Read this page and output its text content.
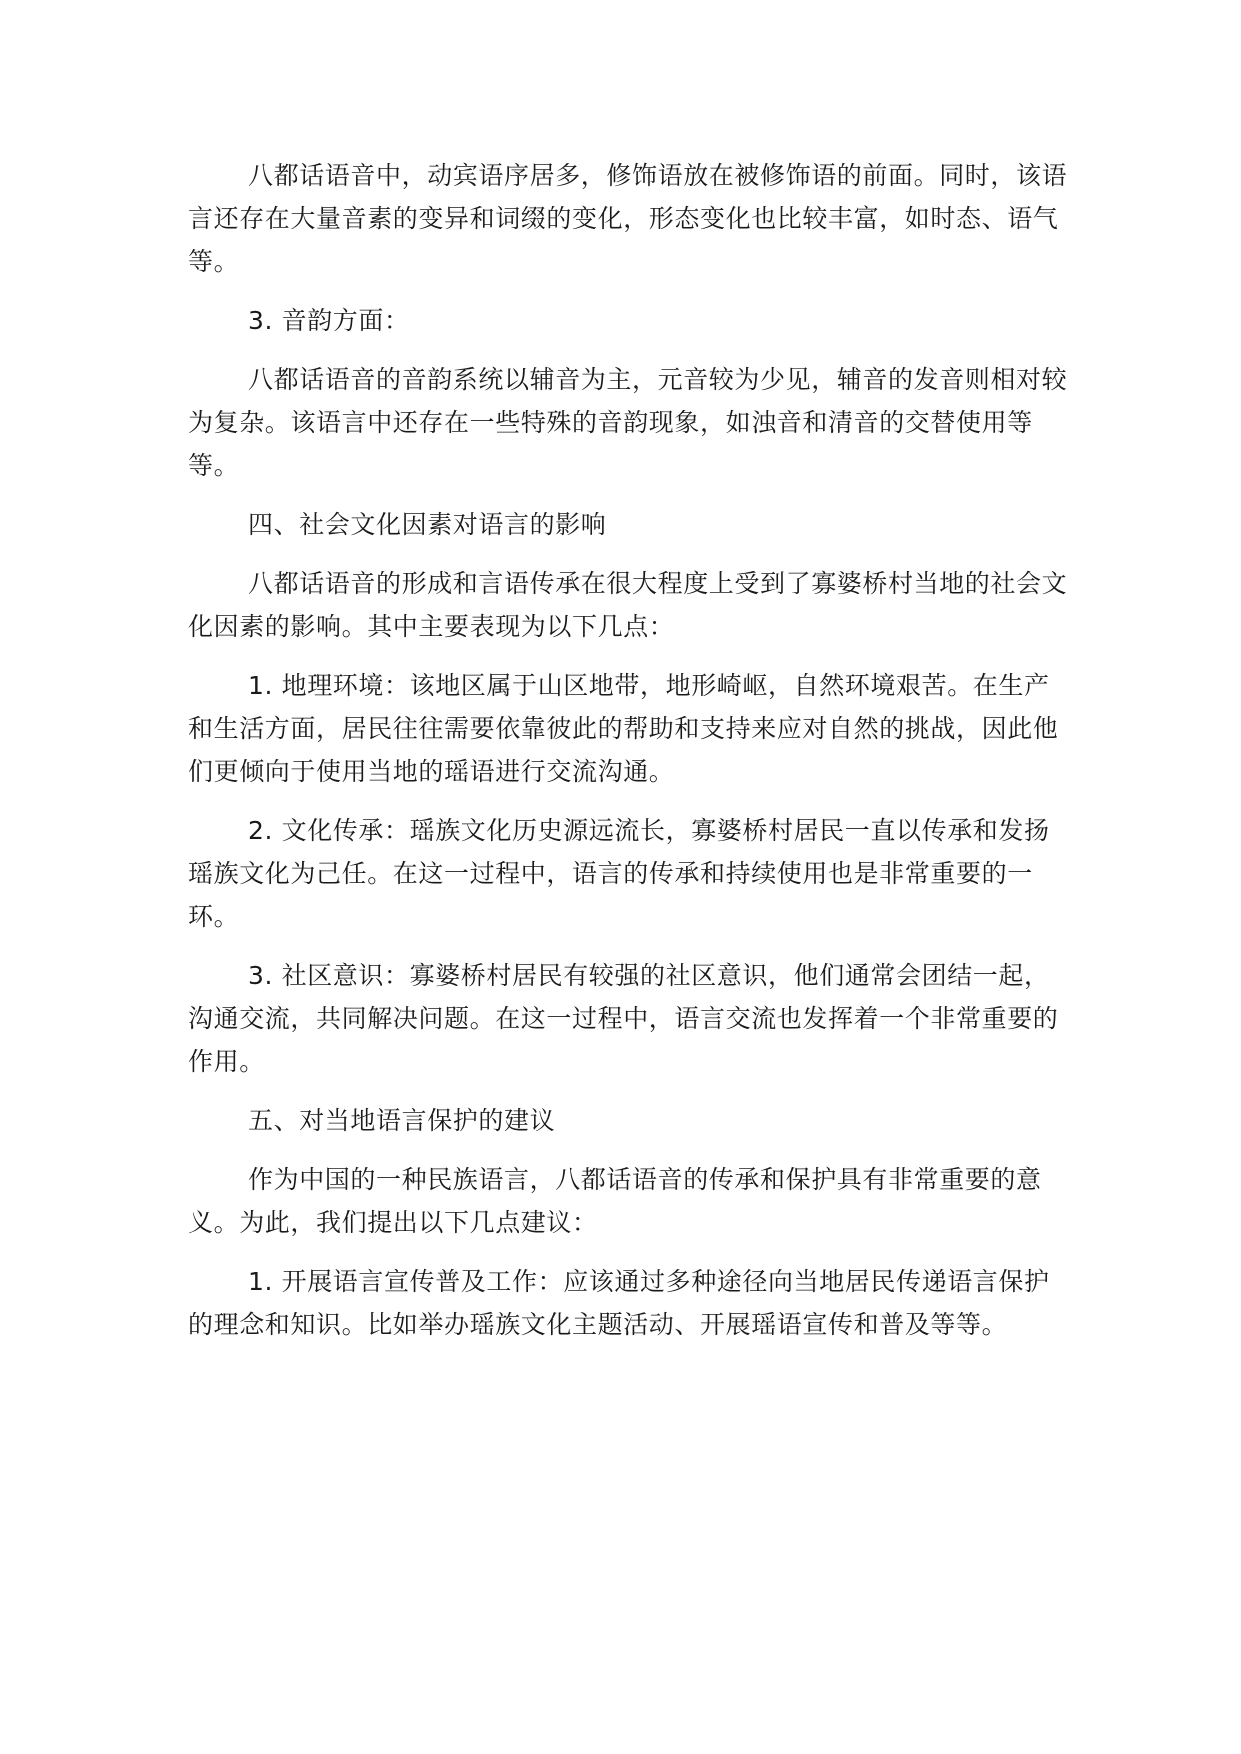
八都话语音中，动宾语序居多，修饰语放在被修饰语的前面。同时，该语言还存在大量音素的变异和词缀的变化，形态变化也比较丰富，如时态、语气等。

3. 音韵方面：

八都话语音的音韵系统以辅音为主，元音较为少见，辅音的发音则相对较为复杂。该语言中还存在一些特殊的音韵现象，如浊音和清音的交替使用等等。

四、社会文化因素对语言的影响

八都话语音的形成和言语传承在很大程度上受到了寡婆桥村当地的社会文化因素的影响。其中主要表现为以下几点：

1. 地理环境：该地区属于山区地带，地形崎岖，自然环境艰苦。在生产和生活方面，居民往往需要依靠彼此的帮助和支持来应对自然的挑战，因此他们更倾向于使用当地的瑶语进行交流沟通。

2. 文化传承：瑶族文化历史源远流长，寡婆桥村居民一直以传承和发扬瑶族文化为己任。在这一过程中，语言的传承和持续使用也是非常重要的一环。

3. 社区意识：寡婆桥村居民有较强的社区意识，他们通常会团结一起，沟通交流，共同解决问题。在这一过程中，语言交流也发挥着一个非常重要的作用。

五、对当地语言保护的建议

作为中国的一种民族语言，八都话语音的传承和保护具有非常重要的意义。为此，我们提出以下几点建议：

1. 开展语言宣传普及工作：应该通过多种途径向当地居民传递语言保护的理念和知识。比如举办瑶族文化主题活动、开展瑶语宣传和普及等等。
